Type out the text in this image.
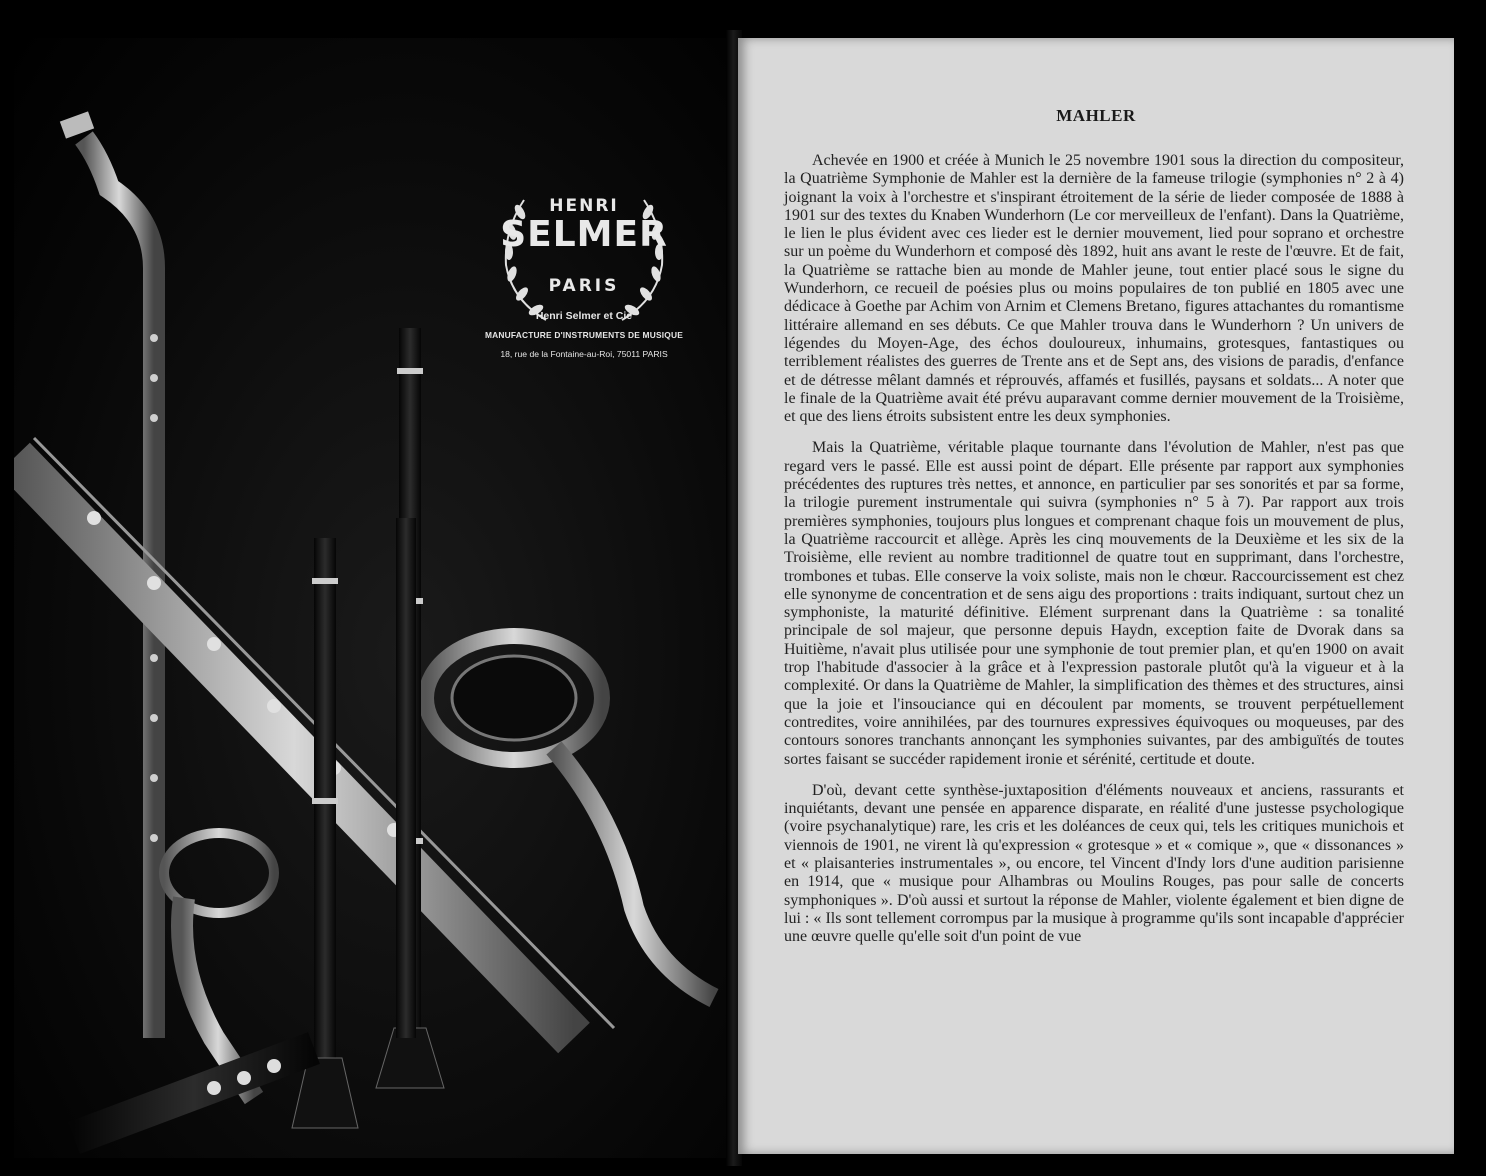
HENRI
SELMER
PARIS
Henri Selmer et Cie
MANUFACTURE D'INSTRUMENTS DE MUSIQUE
18, rue de la Fontaine-au-Roi, 75011 PARIS
MAHLER

Achevée en 1900 et créée à Munich le 25 novembre 1901 sous la direction du compositeur, la Quatrième Symphonie de Mahler est la dernière de la fameuse trilogie (symphonies n° 2 à 4) joignant la voix à l'orchestre et s'inspirant étroitement de la série de lieder composée de 1888 à 1901 sur des textes du Knaben Wunderhorn (Le cor merveilleux de l'enfant). Dans la Quatrième, le lien le plus évident avec ces lieder est le dernier mouvement, lied pour soprano et orchestre sur un poème du Wunderhorn et composé dès 1892, huit ans avant le reste de l'œuvre. Et de fait, la Quatrième se rattache bien au monde de Mahler jeune, tout entier placé sous le signe du Wunderhorn, ce recueil de poésies plus ou moins populaires de ton publié en 1805 avec une dédicace à Goethe par Achim von Arnim et Clemens Bretano, figures attachantes du romantisme littéraire allemand en ses débuts. Ce que Mahler trouva dans le Wunderhorn ? Un univers de légendes du Moyen-Age, des échos douloureux, inhumains, grotesques, fantastiques ou terriblement réalistes des guerres de Trente ans et de Sept ans, des visions de paradis, d'enfance et de détresse mêlant damnés et réprouvés, affamés et fusillés, paysans et soldats... A noter que le finale de la Quatrième avait été prévu auparavant comme dernier mouvement de la Troisième, et que des liens étroits subsistent entre les deux symphonies.

Mais la Quatrième, véritable plaque tournante dans l'évolution de Mahler, n'est pas que regard vers le passé. Elle est aussi point de départ. Elle présente par rapport aux symphonies précédentes des ruptures très nettes, et annonce, en particulier par ses sonorités et par sa forme, la trilogie purement instrumentale qui suivra (symphonies n° 5 à 7). Par rapport aux trois premières symphonies, toujours plus longues et comprenant chaque fois un mouvement de plus, la Quatrième raccourcit et allège. Après les cinq mouvements de la Deuxième et les six de la Troisième, elle revient au nombre traditionnel de quatre tout en supprimant, dans l'orchestre, trombones et tubas. Elle conserve la voix soliste, mais non le chœur. Raccourcissement est chez elle synonyme de concentration et de sens aigu des proportions : traits indiquant, surtout chez un symphoniste, la maturité définitive. Elément surprenant dans la Quatrième : sa tonalité principale de sol majeur, que personne depuis Haydn, exception faite de Dvorak dans sa Huitième, n'avait plus utilisée pour une symphonie de tout premier plan, et qu'en 1900 on avait trop l'habitude d'associer à la grâce et à l'expression pastorale plutôt qu'à la vigueur et à la complexité. Or dans la Quatrième de Mahler, la simplification des thèmes et des structures, ainsi que la joie et l'insouciance qui en découlent par moments, se trouvent perpétuellement contredites, voire annihilées, par des tournures expressives équivoques ou moqueuses, par des contours sonores tranchants annonçant les symphonies suivantes, par des ambiguïtés de toutes sortes faisant se succéder rapidement ironie et sérénité, certitude et doute.

D'où, devant cette synthèse-juxtaposition d'éléments nouveaux et anciens, rassurants et inquiétants, devant une pensée en apparence disparate, en réalité d'une justesse psychologique (voire psychanalytique) rare, les cris et les doléances de ceux qui, tels les critiques munichois et viennois de 1901, ne virent là qu'expression « grotesque » et « comique », que « dissonances » et « plaisanteries instrumentales », ou encore, tel Vincent d'Indy lors d'une audition parisienne en 1914, que « musique pour Alhambras ou Moulins Rouges, pas pour salle de concerts symphoniques ». D'où aussi et surtout la réponse de Mahler, violente également et bien digne de lui : « Ils sont tellement corrompus par la musique à programme qu'ils sont incapable d'apprécier une œuvre quelle qu'elle soit d'un point de vue
